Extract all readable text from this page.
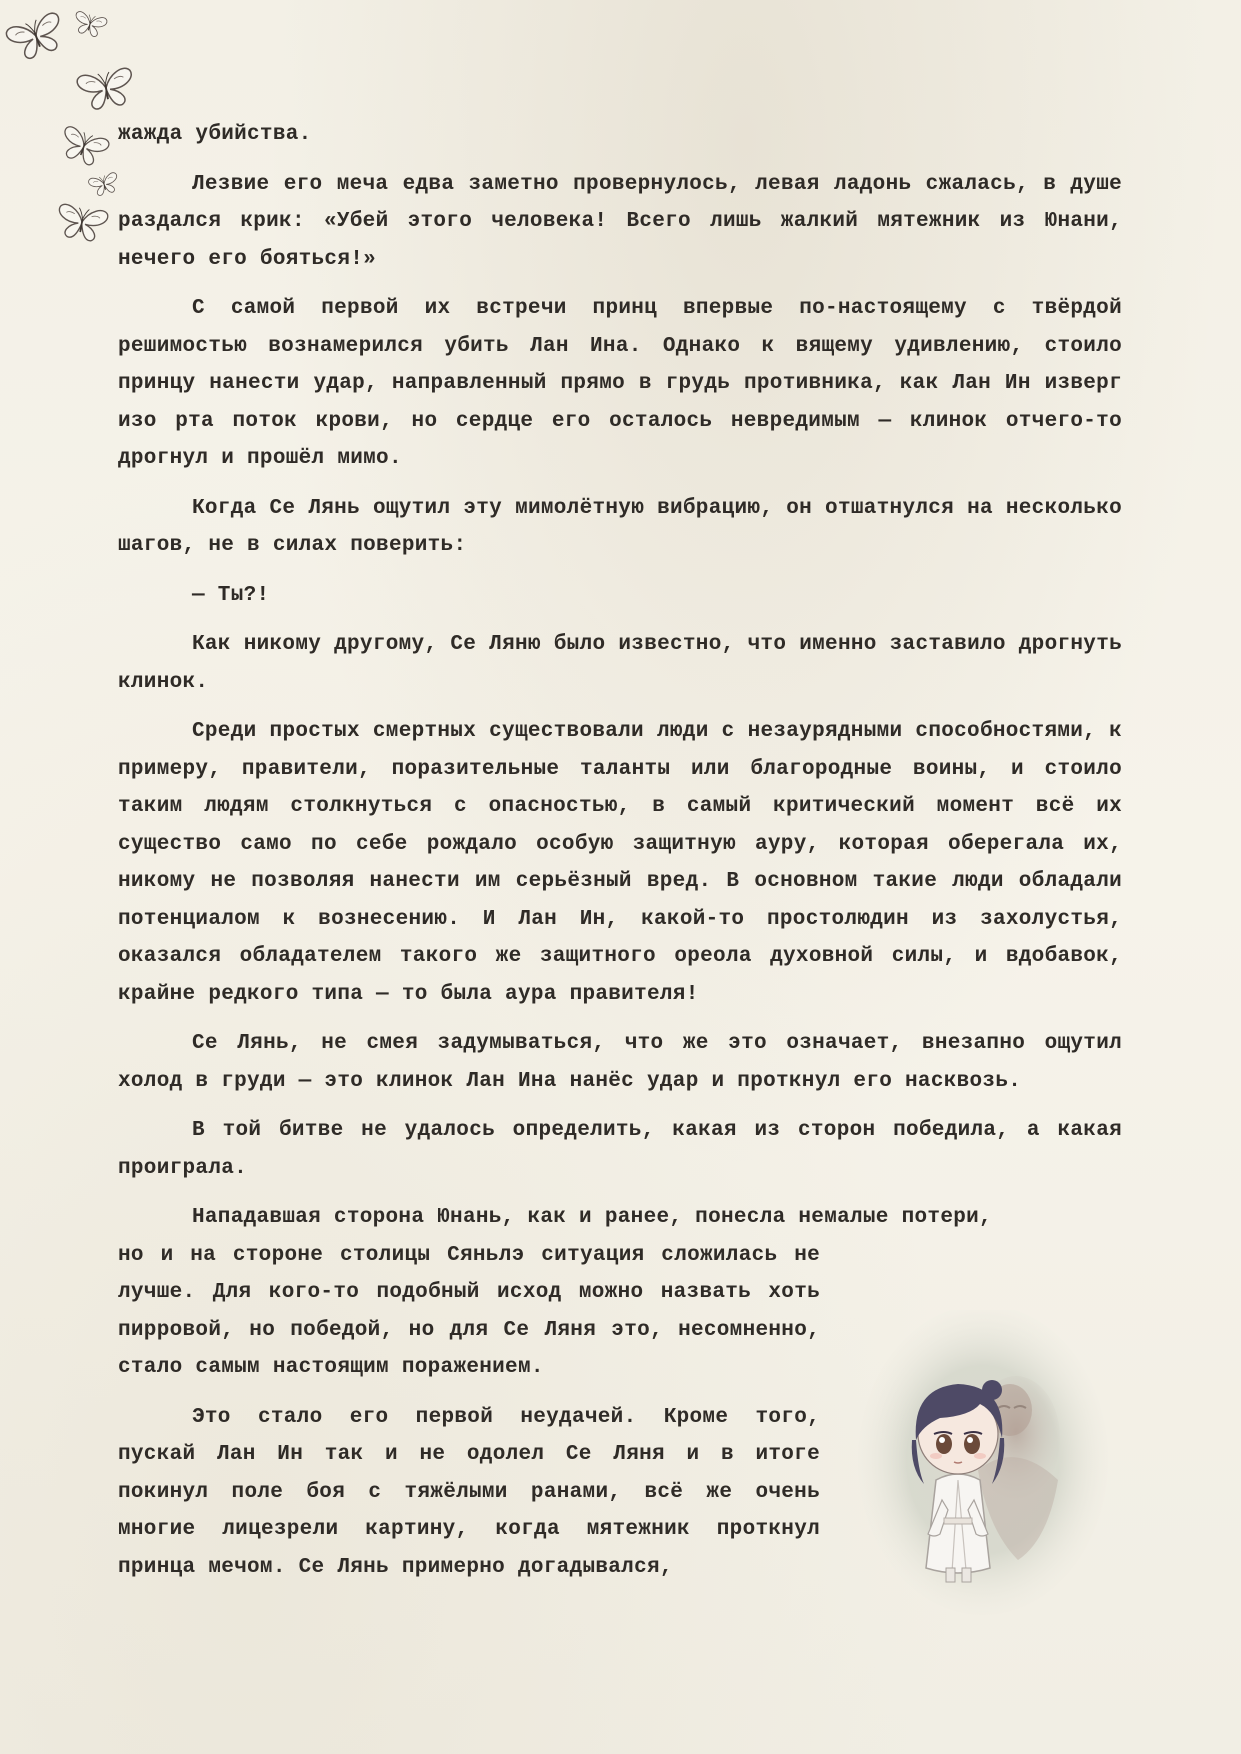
жажда убийства.

Лезвие его меча едва заметно провернулось, левая ладонь сжалась, в душе раздался крик: «Убей этого человека! Всего лишь жалкий мятежник из Юнани, нечего его бояться!»

С самой первой их встречи принц впервые по-настоящему с твёрдой решимостью вознамерился убить Лан Ина. Однако к вящему удивлению, стоило принцу нанести удар, направленный прямо в грудь противника, как Лан Ин изверг изо рта поток крови, но сердце его осталось невредимым — клинок отчего-то дрогнул и прошёл мимо.

Когда Се Лянь ощутил эту мимолётную вибрацию, он отшатнулся на несколько шагов, не в силах поверить:

— Ты?!

Как никому другому, Се Ляню было известно, что именно заставило дрогнуть клинок.

Среди простых смертных существовали люди с незаурядными способностями, к примеру, правители, поразительные таланты или благородные воины, и стоило таким людям столкнуться с опасностью, в самый критический момент всё их существо само по себе рождало особую защитную ауру, которая оберегала их, никому не позволяя нанести им серьёзный вред. В основном такие люди обладали потенциалом к вознесению. И Лан Ин, какой-то простолюдин из захолустья, оказался обладателем такого же защитного ореола духовной силы, и вдобавок, крайне редкого типа — то была аура правителя!

Се Лянь, не смея задумываться, что же это означает, внезапно ощутил холод в груди — это клинок Лан Ина нанёс удар и проткнул его насквозь.

В той битве не удалось определить, какая из сторон победила, а какая проиграла.

Нападавшая сторона Юнань, как и ранее, понесла немалые потери,

но и на стороне столицы Сяньлэ ситуация сложилась не лучше. Для кого-то подобный исход можно назвать хоть пирровой, но победой, но для Се Ляня это, несомненно, стало самым настоящим поражением.

Это стало его первой неудачей. Кроме того, пускай Лан Ин так и не одолел Се Ляня и в итоге покинул поле боя с тяжёлыми ранами, всё же очень многие лицезрели картину, когда мятежник проткнул принца мечом. Се Лянь примерно догадывался,
